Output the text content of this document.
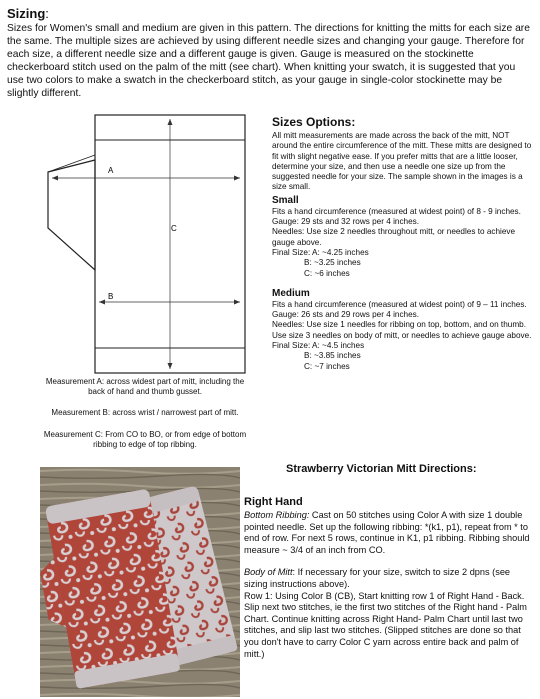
Sizing:
Sizes for Women's small and medium are given in this pattern. The directions for knitting the mitts for each size are the same. The multiple sizes are achieved by using different needle sizes and changing your gauge. Therefore for each size, a different needle size and a different gauge is given. Gauge is measured on the stockinette checkerboard stitch used on the palm of the mitt (see chart). When knitting your swatch, it is suggested that you use two colors to make a swatch in the checkerboard stitch, as your gauge in single-color stockinette may be slightly different.
A
B
C
Measurement A: across widest part of mitt, including the back of hand and thumb gusset.
Measurement B: across wrist / narrowest part of mitt.
Measurement C: From CO to BO, or from edge of bottom ribbing to edge of top ribbing.
Sizes Options:

All mitt measurements are made across the back of the mitt, NOT around the entire circumference of the mitt. These mitts are designed to fit with slight negative ease. If you prefer mitts that are a little looser, determine your size, and then use a needle one size up from the suggested needle for your size. The sample shown in the images is a size small.

Small

Fits a hand circumference (measured at widest point) of 8 - 9 inches.

Gauge: 29 sts and 32 rows per 4 inches.

Needles: Use size 2 needles throughout mitt, or needles to achieve gauge above.

Final Size: A: ~4.25 inches

B: ~3.25 inches

C: ~6 inches

Medium

Fits a hand circumference (measured at widest point) of 9 – 11 inches.

Gauge: 26 sts and 29 rows per 4 inches.

Needles: Use size 1 needles for ribbing on top, bottom, and on thumb. Use size 3 needles on body of mitt, or needles to achieve gauge above.

Final Size: A: ~4.5 inches

B: ~3.85 inches

C: ~7 inches

Strawberry Victorian Mitt Directions:
Right Hand

Bottom Ribbing: Cast on 50 stitches using Color A with size 1 double pointed needle. Set up the following ribbing: *(k1, p1), repeat from * to end of row. For next 5 rows, continue in K1, p1 ribbing. Ribbing should measure ~ 3/4 of an inch from CO.

Body of Mitt: If necessary for your size, switch to size 2 dpns (see sizing instructions above).

Row 1: Using Color B (CB), Start knitting row 1 of Right Hand - Back. Slip next two stitches, ie the first two stitches of the Right hand - Palm Chart. Continue knitting across Right Hand- Palm Chart until last two stitches, and slip last two stitches. (Slipped stitches are done so that you don't have to carry Color C yarn across entire back and palm of mitt.)
